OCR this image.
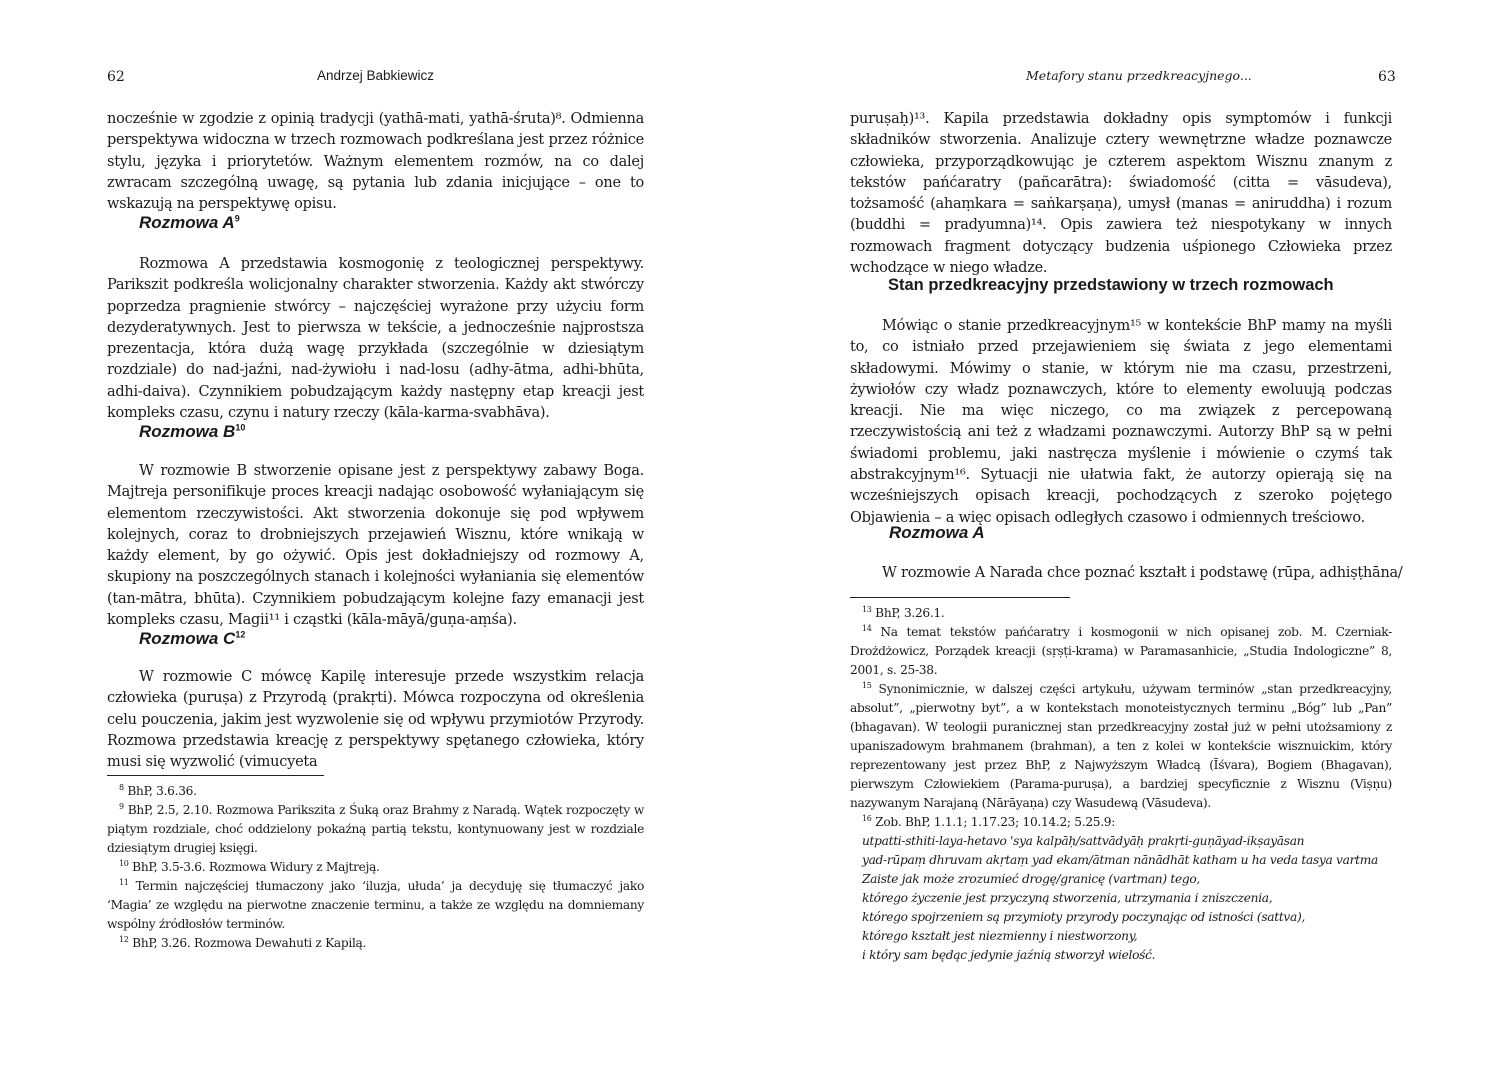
62	Andrzej Babkiewicz

nocześnie w zgodzie z opinią tradycji (yathā-mati, yathā-śruta)⁸. Odmienna perspektywa widoczna w trzech rozmowach podkreślana jest przez różnice stylu, języka i priorytetów. Ważnym elementem rozmów, na co dalej zwracam szczególną uwagę, są pytania lub zdania inicjujące – one to wskazują na perspektywę opisu.

Rozmowa $A^9$

Rozmowa A przedstawia kosmogonię z teologicznej perspektywy. Parikszit podkreśla wolicjonalny charakter stworzenia. Każdy akt stwórczy poprzedza pragnienie stwórcy – najczęściej wyrażone przy użyciu form dezyderatywnych. Jest to pierwsza w tekście, a jednocześnie najprostsza prezentacja, która dużą wagę przykłada (szczególnie w dziesiątym rozdziale) do nad-jaźni, nad-żywiołu i nad-losu (adhy-ātma, adhi-bhūta, adhi-daiva). Czynnikiem pobudzającym każdy następny etap kreacji jest kompleks czasu, czynu i natury rzeczy (kāla-karma-svabhāva).

Rozmowa $B^{10}$

W rozmowie B stworzenie opisane jest z perspektywy zabawy Boga. Majtreja personifikuje proces kreacji nadając osobowość wyłaniającym się elementom rzeczywistości. Akt stworzenia dokonuje się pod wpływem kolejnych, coraz to drobniejszych przejawień Wisznu, które wnikają w każdy element, by go ożywić. Opis jest dokładniejszy od rozmowy A, skupiony na poszczególnych stanach i kolejności wyłaniania się elementów (tan-mātra, bhūta). Czynnikiem pobudzającym kolejne fazy emanacji jest kompleks czasu, Magii¹¹ i cząstki (kāla-māyā/guṇa-aṃśa).

Rozmowa $C^{12}$

W rozmowie C mówcę Kapilę interesuje przede wszystkim relacja człowieka (puruṣa) z Przyrodą (prakṛti). Mówca rozpoczyna od określenia celu pouczenia, jakim jest wyzwolenie się od wpływu przymiotów Przyrody. Rozmowa przedstawia kreację z perspektywy spętanego człowieka, który musi się wyzwolić (vimucyeta

$^8$ BhP, 3.6.36.

$^9$ BhP, 2.5, 2.10. Rozmowa Parikszita z Śuką oraz Brahmy z Naradą. Wątek rozpoczęty w piątym rozdziale, choć oddzielony pokaźną partią tekstu, kontynuowany jest w rozdziale dziesiątym drugiej księgi.

$^{10}$ BhP, 3.5-3.6. Rozmowa Widury z Majtreją.

$^{11}$ Termin najczęściej tłumaczony jako ‘iluzja, ułuda’ ja decyduję się tłumaczyć jako ‘Magia’ ze względu na pierwotne znaczenie terminu, a także ze względu na domniemany wspólny źródłosłów terminów.

$^{12}$ BhP, 3.26. Rozmowa Dewahuti z Kapilą.

Metafory stanu przedkreacyjnego...	63

puruṣaḥ)¹³. Kapila przedstawia dokładny opis symptomów i funkcji składników stworzenia. Analizuje cztery wewnętrzne władze poznawcze człowieka, przyporządkowując je czterem aspektom Wisznu znanym z tekstów pańćaratry (pañcarātra): świadomość (citta = vāsudeva), tożsamość (ahaṃkara = saṅkarṣaṇa), umysł (manas = aniruddha) i rozum (buddhi = pradyumna)¹⁴. Opis zawiera też niespotykany w innych rozmowach fragment dotyczący budzenia uśpionego Człowieka przez wchodzące w niego władze.

Stan przedkreacyjny przedstawiony w trzech rozmowach

Mówiąc o stanie przedkreacyjnym¹⁵ w kontekście BhP mamy na myśli to, co istniało przed przejawieniem się świata z jego elementami składowymi. Mówimy o stanie, w którym nie ma czasu, przestrzeni, żywiołów czy władz poznawczych, które to elementy ewoluują podczas kreacji. Nie ma więc niczego, co ma związek z percepowaną rzeczywistością ani też z władzami poznawczymi. Autorzy BhP są w pełni świadomi problemu, jaki nastręcza myślenie i mówienie o czymś tak abstrakcyjnym¹⁶. Sytuacji nie ułatwia fakt, że autorzy opierają się na wcześniejszych opisach kreacji, pochodzących z szeroko pojętego Objawienia – a więc opisach odległych czasowo i odmiennych treściowo.

Rozmowa A

W rozmowie A Narada chce poznać kształt i podstawę (rūpa, adhiṣṭhāna/

$^{13}$ BhP, 3.26.1.

$^{14}$ Na temat tekstów pańćaratry i kosmogonii w nich opisanej zob. M. Czerniak-Drożdżowicz, Porządek kreacji (sṛṣṭi-krama) w Paramasanhicie, „Studia Indologiczne” 8, 2001, s. 25-38.

$^{15}$ Synonimicznie, w dalszej części artykułu, używam terminów „stan przedkreacyjny, absolut”, „pierwotny byt”, a w kontekstach monoteistycznych terminu „Bóg” lub „Pan” (bhagavan). W teologii puranicznej stan przedkreacyjny został już w pełni utożsamiony z upaniszadowym brahmanem (brahman), a ten z kolei w kontekście wisznuickim, który reprezentowany jest przez BhP, z Najwyższym Władcą (Īśvara), Bogiem (Bhagavan), pierwszym Człowiekiem (Parama-puruṣa), a bardziej specyficznie z Wisznu (Viṣṇu) nazywanym Narajaną (Nārāyaṇa) czy Wasudewą (Vāsudeva).

$^{16}$ Zob. BhP, 1.1.1; 1.17.23; 10.14.2; 5.25.9:

utpatti-sthiti-laya-hetavo 'sya kalpāḥ/sattvādyāḥ prakṛti-guṇāyad-ikṣayāsan

yad-rūpaṃ dhruvam akṛtaṃ yad ekam/ātman nānādhāt katham u ha veda tasya vartma

Zaiste jak może zrozumieć drogę/granicę (vartman) tego,

którego życzenie jest przyczyną stworzenia, utrzymania i zniszczenia,

którego spojrzeniem są przymioty przyrody poczynając od istności (sattva),

którego kształt jest niezmienny i niestworzony,

i który sam będąc jedynie jaźnią stworzył wielość.
